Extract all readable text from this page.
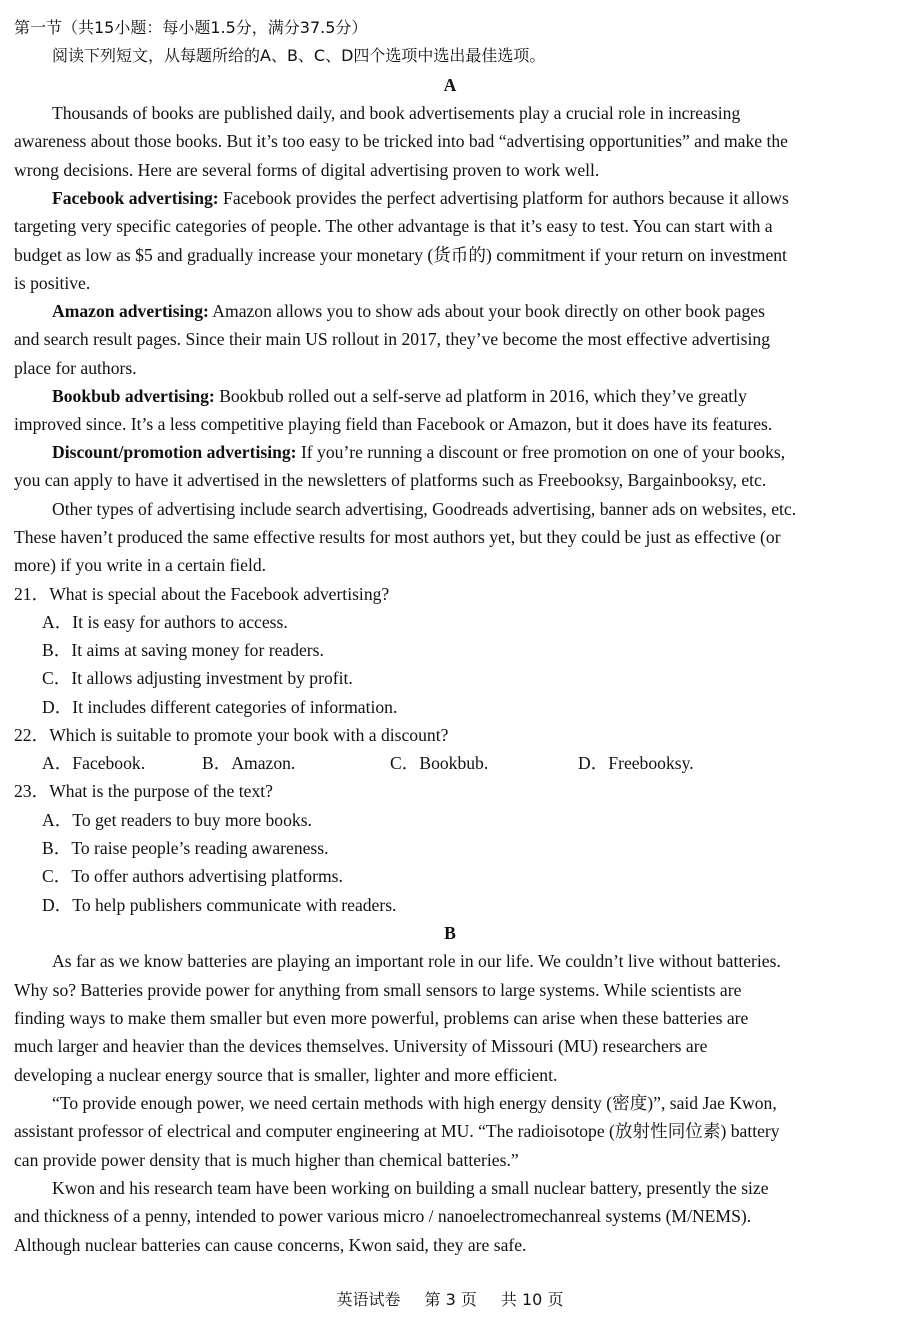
第一节（共15小题：每小题1.5分，满分37.5分）
阅读下列短文，从每题所给的A、B、C、D四个选项中选出最佳选项。
A
Thousands of books are published daily, and book advertisements play a crucial role in increasing
awareness about those books. But it’s too easy to be tricked into bad “advertising opportunities” and make the
wrong decisions. Here are several forms of digital advertising proven to work well.
Facebook advertising: Facebook provides the perfect advertising platform for authors because it allows
targeting very specific categories of people. The other advantage is that it’s easy to test. You can start with a
budget as low as $5 and gradually increase your monetary (货币的) commitment if your return on investment
is positive.
Amazon advertising: Amazon allows you to show ads about your book directly on other book pages
and search result pages. Since their main US rollout in 2017, they’ve become the most effective advertising
place for authors.
Bookbub advertising: Bookbub rolled out a self-serve ad platform in 2016, which they’ve greatly
improved since. It’s a less competitive playing field than Facebook or Amazon, but it does have its features.
Discount/promotion advertising: If you’re running a discount or free promotion on one of your books,
you can apply to have it advertised in the newsletters of platforms such as Freebooksy, Bargainbooksy, etc.
Other types of advertising include search advertising, Goodreads advertising, banner ads on websites, etc.
These haven’t produced the same effective results for most authors yet, but they could be just as effective (or
more) if you write in a certain field.
21．What is special about the Facebook advertising?
A．It is easy for authors to access.
B．It aims at saving money for readers.
C．It allows adjusting investment by profit.
D．It includes different categories of information.
22．Which is suitable to promote your book with a discount?
A．Facebook.	B．Amazon.	C．Bookbub.	D．Freebooksy.
23．What is the purpose of the text?
A．To get readers to buy more books.
B．To raise people’s reading awareness.
C．To offer authors advertising platforms.
D．To help publishers communicate with readers.
B
As far as we know batteries are playing an important role in our life. We couldn’t live without batteries.
Why so? Batteries provide power for anything from small sensors to large systems. While scientists are
finding ways to make them smaller but even more powerful, problems can arise when these batteries are
much larger and heavier than the devices themselves. University of Missouri (MU) researchers are
developing a nuclear energy source that is smaller, lighter and more efficient.
“To provide enough power, we need certain methods with high energy density (密度)”, said Jae Kwon,
assistant professor of electrical and computer engineering at MU. “The radioisotope (放射性同位素) battery
can provide power density that is much higher than chemical batteries.”
Kwon and his research team have been working on building a small nuclear battery, presently the size
and thickness of a penny, intended to power various micro / nanoelectromechanreal systems (M/NEMS).
Although nuclear batteries can cause concerns, Kwon said, they are safe.
英语试卷 第 3 页 共 10 页
